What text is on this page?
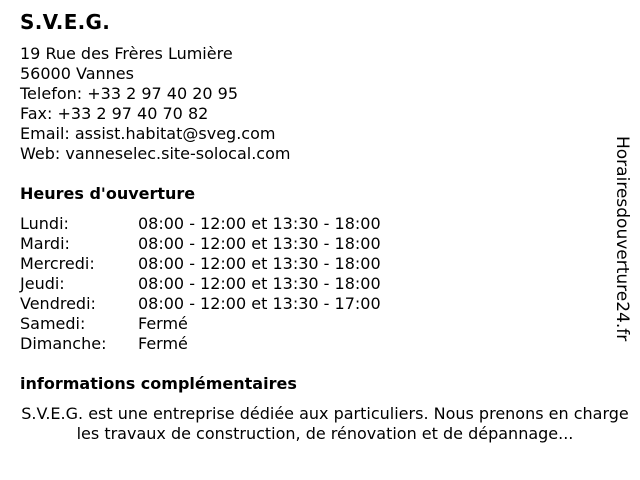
S.V.E.G.
19 Rue des Frères Lumière
56000 Vannes
Telefon: +33 2 97 40 20 95
Fax: +33 2 97 40 70 82
Email: assist.habitat@sveg.com
Web: vanneselec.site-solocal.com
Heures d'ouverture
Lundi:	08:00 - 12:00 et 13:30 - 18:00
Mardi:	08:00 - 12:00 et 13:30 - 18:00
Mercredi:	08:00 - 12:00 et 13:30 - 18:00
Jeudi:	08:00 - 12:00 et 13:30 - 18:00
Vendredi:	08:00 - 12:00 et 13:30 - 17:00
Samedi:	Fermé
Dimanche:	Fermé
informations complémentaires

S.V.E.G. est une entreprise dédiée aux particuliers. Nous prenons en charge les travaux de construction, de rénovation et de dépannage...

Horairesdouverture24.fr
